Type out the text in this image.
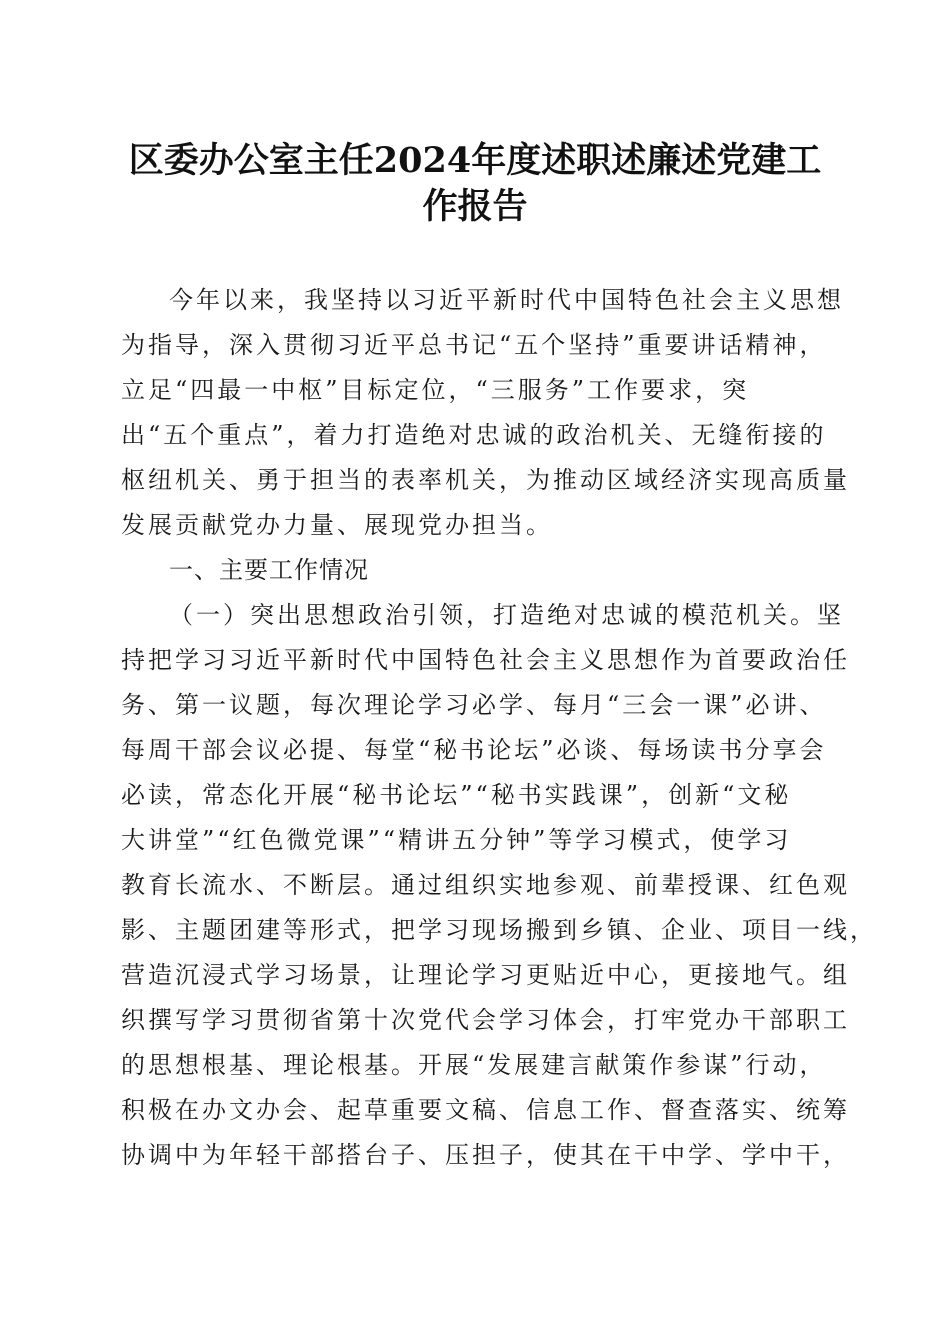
区委办公室主任2024年度述职述廉述党建工
作报告
今年以来，我坚持以习近平新时代中国特色社会主义思想
为指导，深入贯彻习近平总书记“五个坚持”重要讲话精神，
立足“四最一中枢”目标定位，“三服务”工作要求，突
出“五个重点”，着力打造绝对忠诚的政治机关、无缝衔接的
枢纽机关、勇于担当的表率机关，为推动区域经济实现高质量
发展贡献党办力量、展现党办担当。
一、主要工作情况
（一）突出思想政治引领，打造绝对忠诚的模范机关。坚
持把学习习近平新时代中国特色社会主义思想作为首要政治任
务、第一议题，每次理论学习必学、每月“三会一课”必讲、
每周干部会议必提、每堂“秘书论坛”必谈、每场读书分享会
必读，常态化开展“秘书论坛”“秘书实践课”，创新“文秘
大讲堂”“红色微党课”“精讲五分钟”等学习模式，使学习
教育长流水、不断层。通过组织实地参观、前辈授课、红色观
影、主题团建等形式，把学习现场搬到乡镇、企业、项目一线，
营造沉浸式学习场景，让理论学习更贴近中心，更接地气。组
织撰写学习贯彻省第十次党代会学习体会，打牢党办干部职工
的思想根基、理论根基。开展“发展建言献策作参谋”行动，
积极在办文办会、起草重要文稿、信息工作、督查落实、统筹
协调中为年轻干部搭台子、压担子，使其在干中学、学中干，
